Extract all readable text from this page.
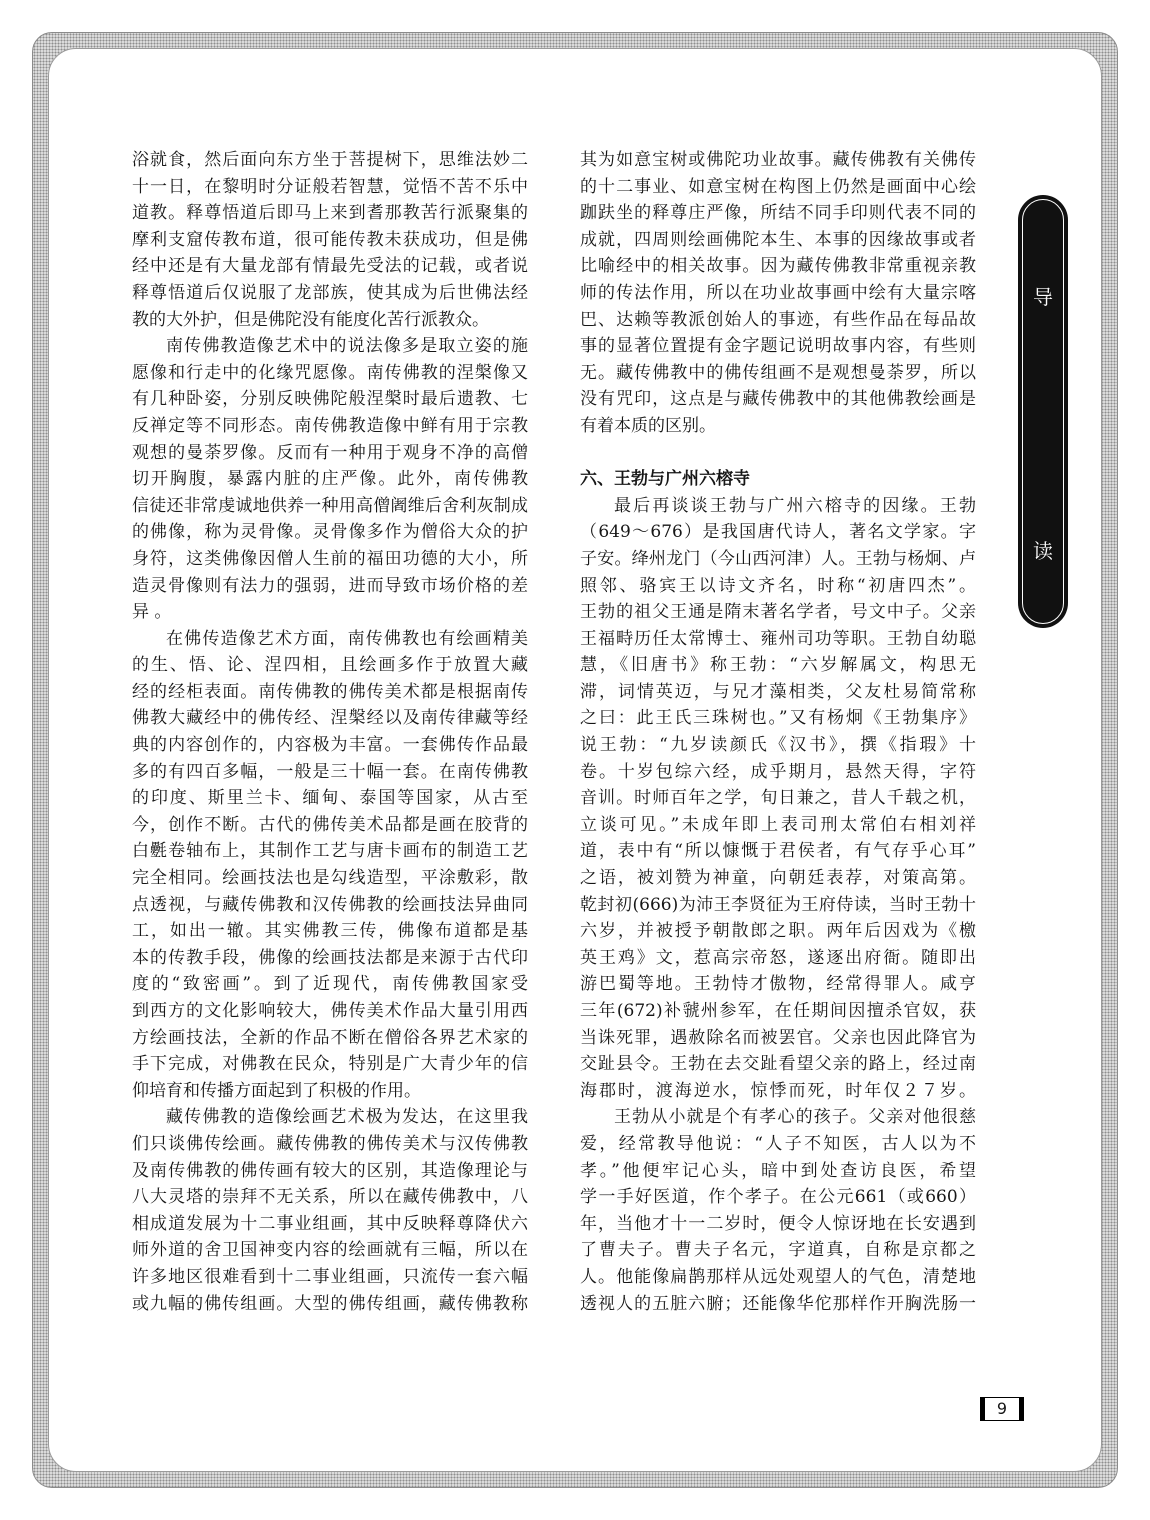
浴就食，然后面向东方坐于菩提树下，思维法妙二
十一日，在黎明时分证般若智慧，觉悟不苦不乐中
道教。释尊悟道后即马上来到耆那教苦行派聚集的
摩利支窟传教布道，很可能传教未获成功，但是佛
经中还是有大量龙部有情最先受法的记载，或者说
释尊悟道后仅说服了龙部族，使其成为后世佛法经
教的大外护，但是佛陀没有能度化苦行派教众。
南传佛教造像艺术中的说法像多是取立姿的施
愿像和行走中的化缘咒愿像。南传佛教的涅槃像又
有几种卧姿，分别反映佛陀般涅槃时最后遗教、七
反禅定等不同形态。南传佛教造像中鲜有用于宗教
观想的曼荼罗像。反而有一种用于观身不净的高僧
切开胸腹，暴露内脏的庄严像。此外，南传佛教
信徒还非常虔诚地供养一种用高僧阇维后舍利灰制成
的佛像，称为灵骨像。灵骨像多作为僧俗大众的护
身符，这类佛像因僧人生前的福田功德的大小，所
造灵骨像则有法力的强弱，进而导致市场价格的差
异 。
在佛传造像艺术方面，南传佛教也有绘画精美
的生、悟、论、涅四相，且绘画多作于放置大藏
经的经柜表面。南传佛教的佛传美术都是根据南传
佛教大藏经中的佛传经、涅槃经以及南传律藏等经
典的内容创作的，内容极为丰富。一套佛传作品最
多的有四百多幅，一般是三十幅一套。在南传佛教
的印度、斯里兰卡、缅甸、泰国等国家，从古至
今，创作不断。古代的佛传美术品都是画在胶背的
白氎卷轴布上，其制作工艺与唐卡画布的制造工艺
完全相同。绘画技法也是勾线造型，平涂敷彩，散
点透视，与藏传佛教和汉传佛教的绘画技法异曲同
工，如出一辙。其实佛教三传，佛像布道都是基
本的传教手段，佛像的绘画技法都是来源于古代印
度的“致密画”。到了近现代，南传佛教国家受
到西方的文化影响较大，佛传美术作品大量引用西
方绘画技法，全新的作品不断在僧俗各界艺术家的
手下完成，对佛教在民众，特别是广大青少年的信
仰培育和传播方面起到了积极的作用。
藏传佛教的造像绘画艺术极为发达，在这里我
们只谈佛传绘画。藏传佛教的佛传美术与汉传佛教
及南传佛教的佛传画有较大的区别，其造像理论与
八大灵塔的崇拜不无关系，所以在藏传佛教中，八
相成道发展为十二事业组画，其中反映释尊降伏六
师外道的舍卫国神变内容的绘画就有三幅，所以在
许多地区很难看到十二事业组画，只流传一套六幅
或九幅的佛传组画。大型的佛传组画，藏传佛教称
其为如意宝树或佛陀功业故事。藏传佛教有关佛传
的十二事业、如意宝树在构图上仍然是画面中心绘
跏趺坐的释尊庄严像，所结不同手印则代表不同的
成就，四周则绘画佛陀本生、本事的因缘故事或者
比喻经中的相关故事。因为藏传佛教非常重视亲教
师的传法作用，所以在功业故事画中绘有大量宗喀
巴、达赖等教派创始人的事迹，有些作品在每品故
事的显著位置提有金字题记说明故事内容，有些则
无。藏传佛教中的佛传组画不是观想曼荼罗，所以
没有咒印，这点是与藏传佛教中的其他佛教绘画是
有着本质的区别。
六、王勃与广州六榕寺
最后再谈谈王勃与广州六榕寺的因缘。王勃
（649～676）是我国唐代诗人，著名文学家。字
子安。绛州龙门（今山西河津）人。王勃与杨炯、卢
照邻、骆宾王以诗文齐名，时称“初唐四杰”。
王勃的祖父王通是隋末著名学者，号文中子。父亲
王福畤历任太常博士、雍州司功等职。王勃自幼聪
慧，《旧唐书》称王勃：“六岁解属文，构思无
滞，词情英迈，与兄才藻相类，父友杜易简常称
之曰：此王氏三珠树也。”又有杨炯《王勃集序》
说王勃：“九岁读颜氏《汉书》，撰《指瑕》十
卷。十岁包综六经，成乎期月，悬然天得，字符
音训。时师百年之学，旬日兼之，昔人千载之机，
立谈可见。”未成年即上表司刑太常伯右相刘祥
道，表中有“所以慷慨于君侯者，有气存乎心耳”
之语，被刘赞为神童，向朝廷表荐，对策高第。
乾封初(666)为沛王李贤征为王府侍读，当时王勃十
六岁，并被授予朝散郎之职。两年后因戏为《檄
英王鸡》文，惹高宗帝怒，遂逐出府衙。随即出
游巴蜀等地。王勃恃才傲物，经常得罪人。咸亨
三年(672)补虢州参军，在任期间因擅杀官奴，获
当诛死罪，遇赦除名而被罢官。父亲也因此降官为
交趾县令。王勃在去交趾看望父亲的路上，经过南
海郡时，渡海逆水，惊悸而死，时年仅２７岁。
王勃从小就是个有孝心的孩子。父亲对他很慈
爱，经常教导他说：“人子不知医，古人以为不
孝。”他便牢记心头，暗中到处查访良医，希望
学一手好医道，作个孝子。在公元661（或660）
年，当他才十一二岁时，便令人惊讶地在长安遇到
了曹夫子。曹夫子名元，字道真，自称是京都之
人。他能像扁鹊那样从远处观望人的气色，清楚地
透视人的五脏六腑；还能像华佗那样作开胸洗肠一
导
读
9
